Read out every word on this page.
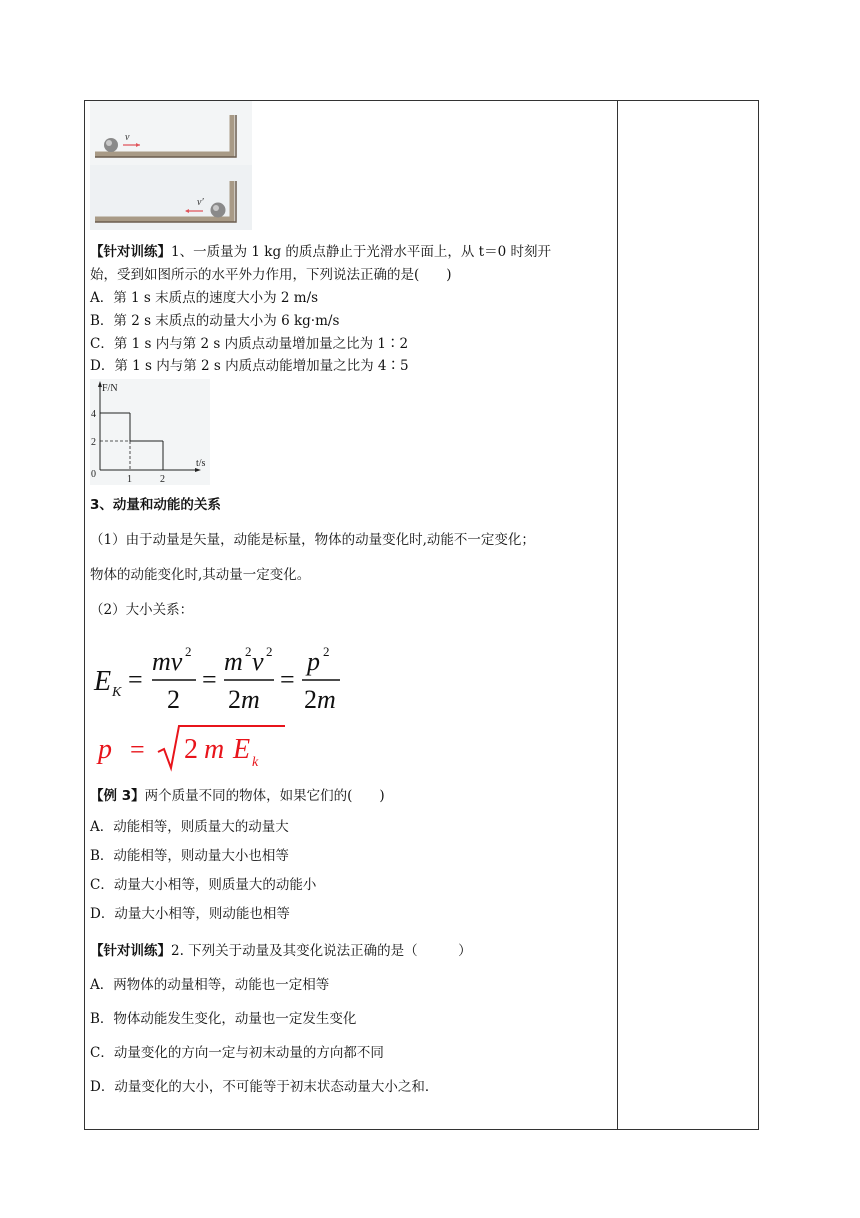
v
v′
【针对训练】1、一质量为 1 kg 的质点静止于光滑水平面上，从 t＝0 时刻开
始，受到如图所示的水平外力作用，下列说法正确的是(　　)
A．第 1 s 末质点的速度大小为 2 m/s
B．第 2 s 末质点的动量大小为 6 kg·m/s
C．第 1 s 内与第 2 s 内质点动量增加量之比为 1∶2
D．第 1 s 内与第 2 s 内质点动能增加量之比为 4∶5
F/N
t/s
4
2
0	1	2
3、动量和动能的关系
（1）由于动量是矢量，动能是标量，物体的动量变化时,动能不一定变化；
物体的动能变化时,其动量一定变化。
（2）大小关系：
E K =
mv 2
2
=
m 2 v 2
2 m
=
p 2
2 m
p = 2 m E k
【例 3】两个质量不同的物体，如果它们的(　　)
A．动能相等，则质量大的动量大
B．动能相等，则动量大小也相等
C．动量大小相等，则质量大的动能小
D．动量大小相等，则动能也相等
【针对训练】2. 下列关于动量及其变化说法正确的是（　　　）
A．两物体的动量相等，动能也一定相等
B．物体动能发生变化，动量也一定发生变化
C．动量变化的方向一定与初末动量的方向都不同
D．动量变化的大小，不可能等于初末状态动量大小之和．
